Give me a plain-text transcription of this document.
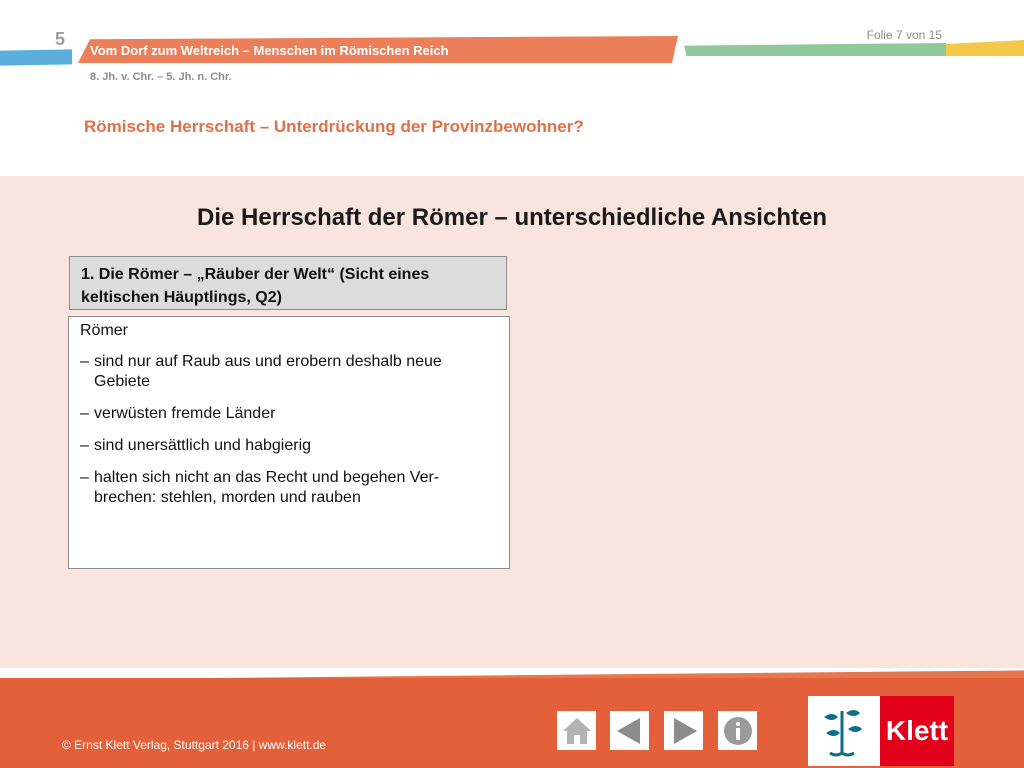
5
Vom Dorf zum Weltreich – Menschen im Römischen Reich
Folie 7 von 15
8. Jh. v. Chr. – 5. Jh. n. Chr.
Römische Herrschaft – Unterdrückung der Provinzbewohner?
Die Herrschaft der Römer – unterschiedliche Ansichten
1. Die Römer – „Räuber der Welt“ (Sicht eines keltischen Häuptlings, Q2)
Römer
– sind nur auf Raub aus und erobern deshalb neue Gebiete
– verwüsten fremde Länder
– sind unersättlich und habgierig
– halten sich nicht an das Recht und begehen Ver-brechen: stehlen, morden und rauben
© Ernst Klett Verlag, Stuttgart 2016 | www.klett.de	Klett
